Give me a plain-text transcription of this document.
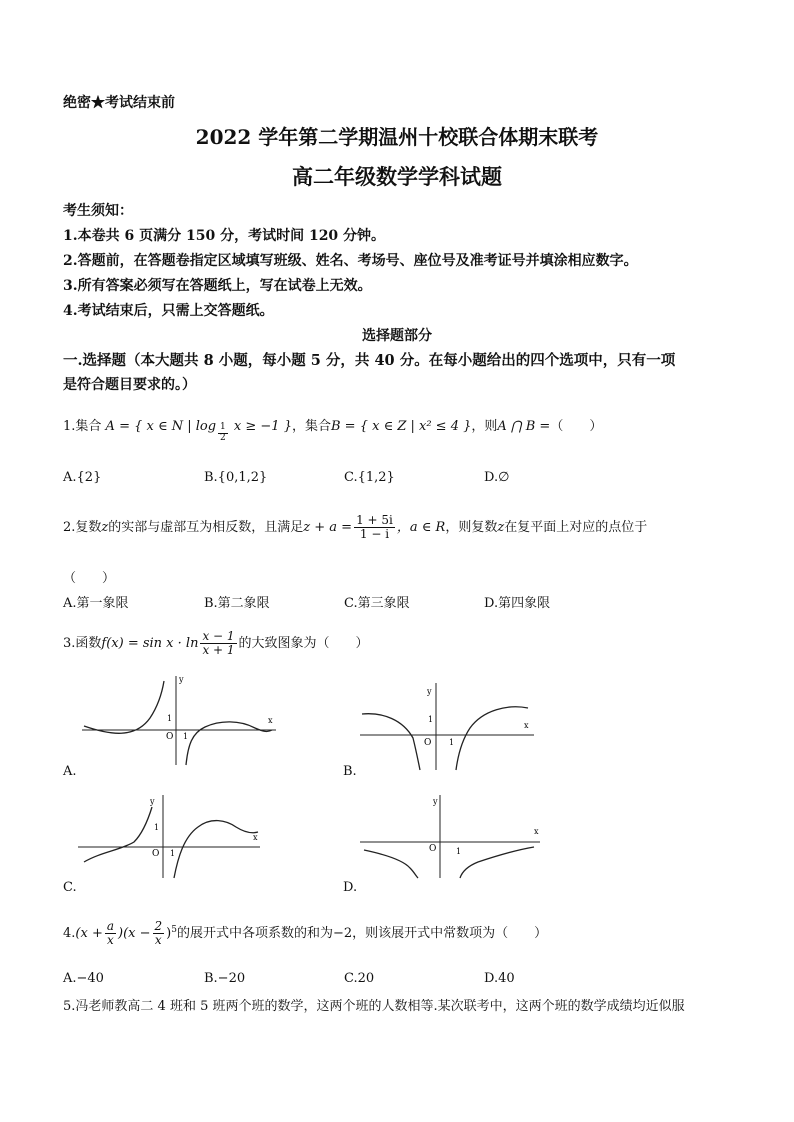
绝密★考试结束前
2022 学年第二学期温州十校联合体期末联考
高二年级数学学科试题
考生须知：
1.本卷共 6 页满分 150 分，考试时间 120 分钟。
2.答题前，在答题卷指定区域填写班级、姓名、考场号、座位号及准考证号并填涂相应数字。
3.所有答案必须写在答题纸上，写在试卷上无效。
4.考试结束后，只需上交答题纸。
选择题部分
一.选择题（本大题共 8 小题，每小题 5 分，共 40 分。在每小题给出的四个选项中，只有一项
是符合题目要求的。）
1.集合 A = { x ∈ N | $\log \frac{1}{2}$ x ≥ −1 }，集合B = { x ∈ Z | x² ≤ 4 }，则A ⋂ B =（　　）
A.{2}	B.{0,1,2}	C.{1,2}	D.∅
2.复数z的实部与虚部互为相反数，且满足$z + a = \frac{1 + 5i}{1 - i}$ ，a ∈ R，则复数z在复平面上对应的点位于
（　　）
A.第一象限	B.第二象限	C.第三象限	D.第四象限
3.函数$f(x) = \sin x \cdot \ln \frac{x - 1}{x + 1}$ 的大致图象为（　　）
y
x
O
1
1
A.
y
x
O
1
1
B.
y
x
O
1
1
C.
y
x
O 1
D.
$4.(x + \frac{a}{x} )(x - \frac{2}{x} )^5$的展开式中各项系数的和为−2，则该展开式中常数项为（　　）
A.−40	B.−20	C.20	D.40
5.冯老师教高二 4 班和 5 班两个班的数学，这两个班的人数相等.某次联考中，这两个班的数学成绩均近似服
